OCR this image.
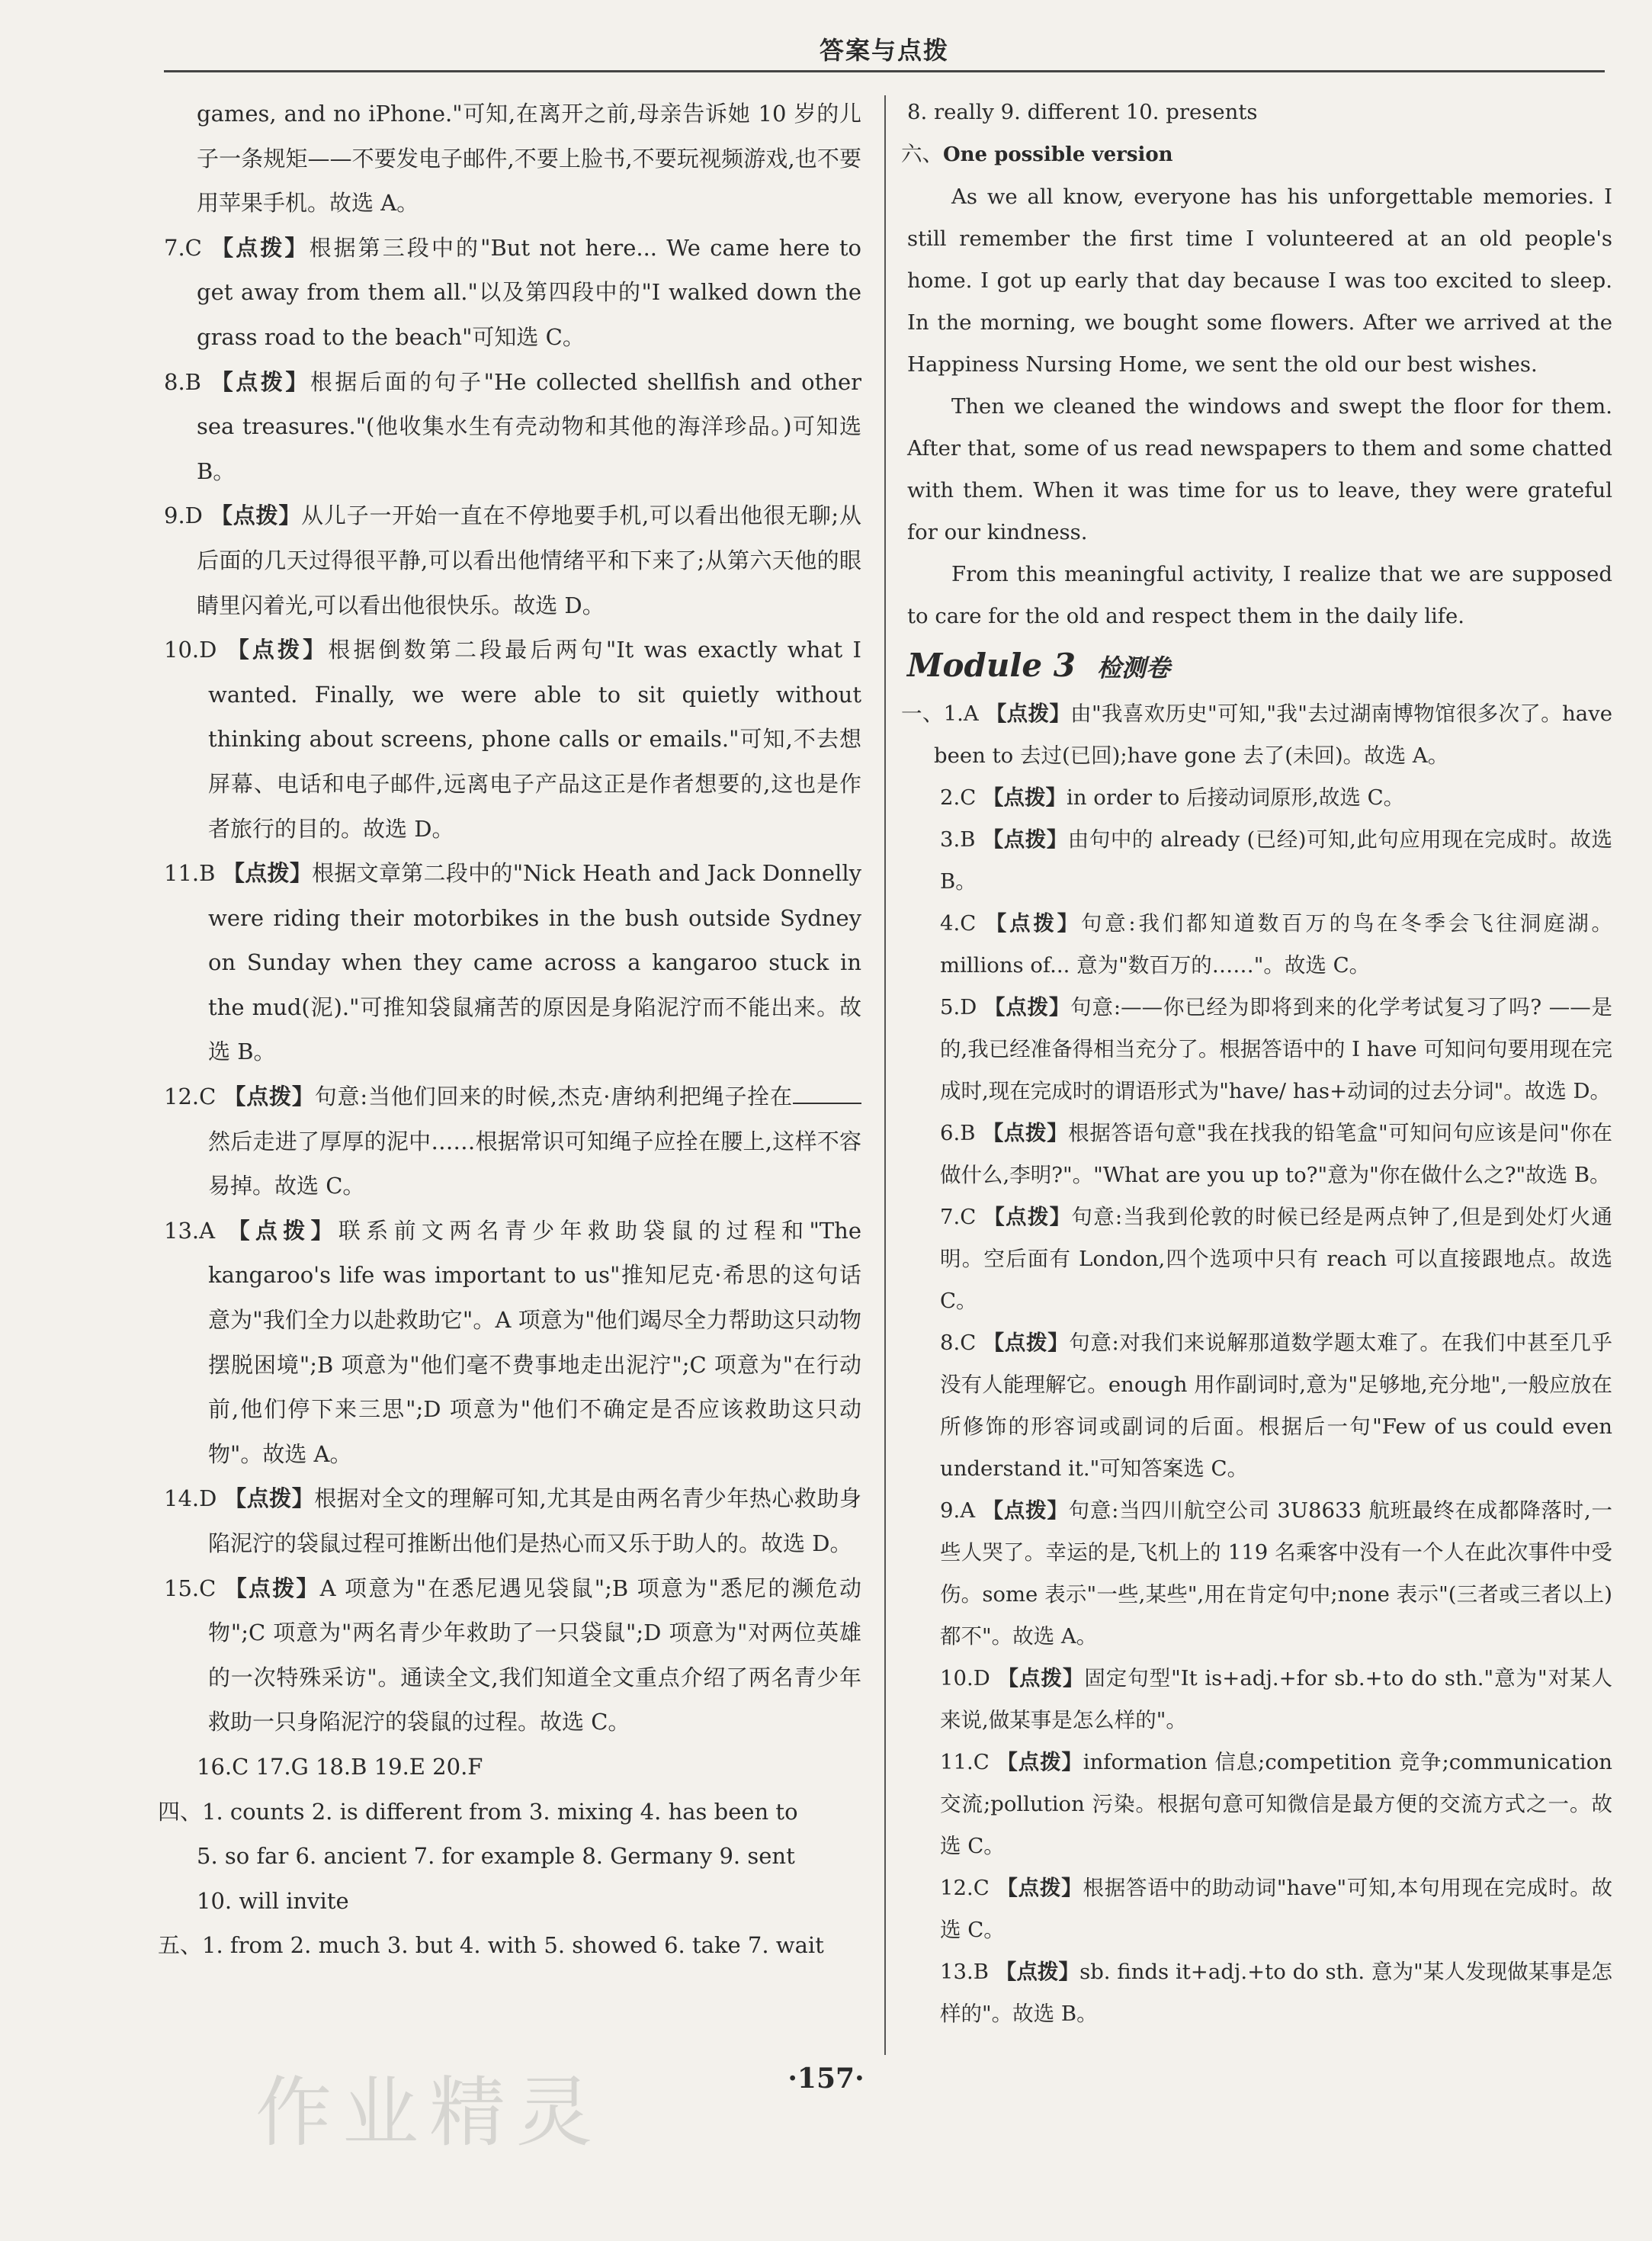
答案与点拨
games, and no iPhone."可知,在离开之前,母亲告诉她 10 岁的儿子一条规矩——不要发电子邮件,不要上脸书,不要玩视频游戏,也不要用苹果手机。故选 A。
7.C 【点拨】根据第三段中的"But not here... We came here to get away from them all."以及第四段中的"I walked down the grass road to the beach"可知选 C。
8.B 【点拨】根据后面的句子"He collected shellfish and other sea treasures."(他收集水生有壳动物和其他的海洋珍品。)可知选 B。
9.D 【点拨】从儿子一开始一直在不停地要手机,可以看出他很无聊;从后面的几天过得很平静,可以看出他情绪平和下来了;从第六天他的眼睛里闪着光,可以看出他很快乐。故选 D。
10.D 【点拨】根据倒数第二段最后两句"It was exactly what I wanted. Finally, we were able to sit quietly without thinking about screens, phone calls or emails."可知,不去想屏幕、电话和电子邮件,远离电子产品这正是作者想要的,这也是作者旅行的目的。故选 D。
11.B 【点拨】根据文章第二段中的"Nick Heath and Jack Donnelly were riding their motorbikes in the bush outside Sydney on Sunday when they came across a kangaroo stuck in the mud(泥)."可推知袋鼠痛苦的原因是身陷泥泞而不能出来。故选 B。
12.C 【点拨】句意:当他们回来的时候,杰克·唐纳利把绳子拴在然后走进了厚厚的泥中……根据常识可知绳子应拴在腰上,这样不容易掉。故选 C。
13.A 【点拨】联系前文两名青少年救助袋鼠的过程和"The kangaroo's life was important to us"推知尼克·希思的这句话意为"我们全力以赴救助它"。A 项意为"他们竭尽全力帮助这只动物摆脱困境";B 项意为"他们毫不费事地走出泥泞";C 项意为"在行动前,他们停下来三思";D 项意为"他们不确定是否应该救助这只动物"。故选 A。
14.D 【点拨】根据对全文的理解可知,尤其是由两名青少年热心救助身陷泥泞的袋鼠过程可推断出他们是热心而又乐于助人的。故选 D。
15.C 【点拨】A 项意为"在悉尼遇见袋鼠";B 项意为"悉尼的濒危动物";C 项意为"两名青少年救助了一只袋鼠";D 项意为"对两位英雄的一次特殊采访"。通读全文,我们知道全文重点介绍了两名青少年救助一只身陷泥泞的袋鼠的过程。故选 C。
16.C 17.G 18.B 19.E 20.F
四、1. counts 2. is different from 3. mixing 4. has been to
5. so far 6. ancient 7. for example 8. Germany 9. sent
10. will invite
五、1. from 2. much 3. but 4. with 5. showed 6. take 7. wait
8. really 9. different 10. presents
六、One possible version
As we all know, everyone has his unforgettable memories. I still remember the first time I volunteered at an old people's home. I got up early that day because I was too excited to sleep. In the morning, we bought some flowers. After we arrived at the Happiness Nursing Home, we sent the old our best wishes.
Then we cleaned the windows and swept the floor for them. After that, some of us read newspapers to them and some chatted with them. When it was time for us to leave, they were grateful for our kindness.
From this meaningful activity, I realize that we are supposed to care for the old and respect them in the daily life.
Module 3 检测卷
一、1.A 【点拨】由"我喜欢历史"可知,"我"去过湖南博物馆很多次了。have been to 去过(已回);have gone 去了(未回)。故选 A。
2.C 【点拨】in order to 后接动词原形,故选 C。
3.B 【点拨】由句中的 already (已经)可知,此句应用现在完成时。故选 B。
4.C 【点拨】句意:我们都知道数百万的鸟在冬季会飞往洞庭湖。millions of... 意为"数百万的……"。故选 C。
5.D 【点拨】句意:——你已经为即将到来的化学考试复习了吗? ——是的,我已经准备得相当充分了。根据答语中的 I have 可知问句要用现在完成时,现在完成时的谓语形式为"have/ has+动词的过去分词"。故选 D。
6.B 【点拨】根据答语句意"我在找我的铅笔盒"可知问句应该是问"你在做什么,李明?"。"What are you up to?"意为"你在做什么之?"故选 B。
7.C 【点拨】句意:当我到伦敦的时候已经是两点钟了,但是到处灯火通明。空后面有 London,四个选项中只有 reach 可以直接跟地点。故选 C。
8.C 【点拨】句意:对我们来说解那道数学题太难了。在我们中甚至几乎没有人能理解它。enough 用作副词时,意为"足够地,充分地",一般应放在所修饰的形容词或副词的后面。根据后一句"Few of us could even understand it."可知答案选 C。
9.A 【点拨】句意:当四川航空公司 3U8633 航班最终在成都降落时,一些人哭了。幸运的是,飞机上的 119 名乘客中没有一个人在此次事件中受伤。some 表示"一些,某些",用在肯定句中;none 表示"(三者或三者以上)都不"。故选 A。
10.D 【点拨】固定句型"It is+adj.+for sb.+to do sth."意为"对某人来说,做某事是怎么样的"。
11.C 【点拨】information 信息;competition 竞争;communication 交流;pollution 污染。根据句意可知微信是最方便的交流方式之一。故选 C。
12.C 【点拨】根据答语中的助动词"have"可知,本句用现在完成时。故选 C。
13.B 【点拨】sb. finds it+adj.+to do sth. 意为"某人发现做某事是怎样的"。故选 B。
作业精灵	·157·
